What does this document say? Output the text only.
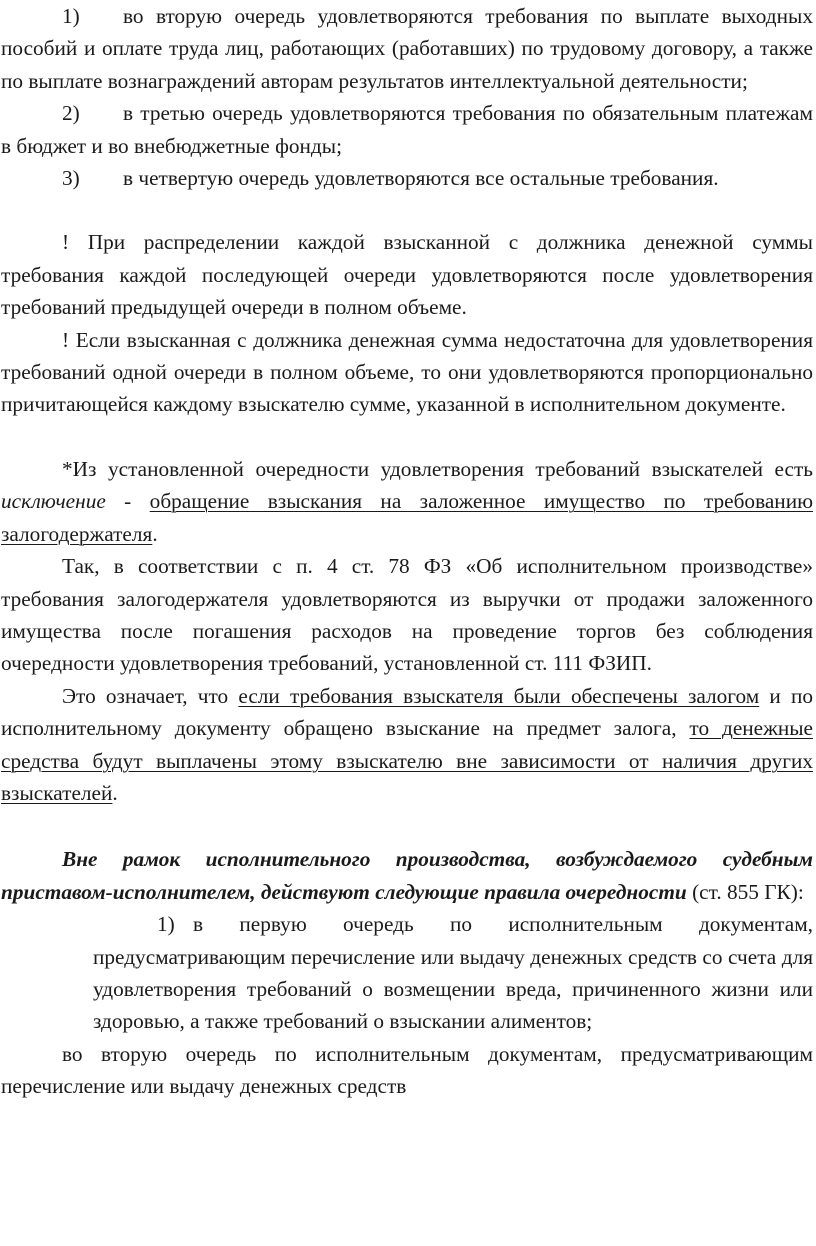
1) во вторую очередь удовлетворяются требования по выплате выходных пособий и оплате труда лиц, работающих (работавших) по трудовому договору, а также по выплате вознаграждений авторам результатов интеллектуальной деятельности;

2) в третью очередь удовлетворяются требования по обязательным платежам в бюджет и во внебюджетные фонды;

3) в четвертую очередь удовлетворяются все остальные требования.

! При распределении каждой взысканной с должника денежной суммы требования каждой последующей очереди удовлетворяются после удовлетворения требований предыдущей очереди в полном объеме.

! Если взысканная с должника денежная сумма недостаточна для удовлетворения требований одной очереди в полном объеме, то они удовлетворяются пропорционально причитающейся каждому взыскателю сумме, указанной в исполнительном документе.

*Из установленной очередности удовлетворения требований взыскателей есть исключение - обращение взыскания на заложенное имущество по требованию залогодержателя.

Так, в соответствии с п. 4 ст. 78 ФЗ «Об исполнительном производстве» требования залогодержателя удовлетворяются из выручки от продажи заложенного имущества после погашения расходов на проведение торгов без соблюдения очередности удовлетворения требований, установленной ст. 111 ФЗИП.

Это означает, что если требования взыскателя были обеспечены залогом и по исполнительному документу обращено взыскание на предмет залога, то денежные средства будут выплачены этому взыскателю вне зависимости от наличия других взыскателей.

Вне рамок исполнительного производства, возбуждаемого судебным приставом-исполнителем, действуют следующие правила очередности (ст. 855 ГК):

1) в первую очередь по исполнительным документам, предусматривающим перечисление или выдачу денежных средств со счета для удовлетворения требований о возмещении вреда, причиненного жизни или здоровью, а также требований о взыскании алиментов;

во вторую очередь по исполнительным документам, предусматривающим перечисление или выдачу денежных средств
